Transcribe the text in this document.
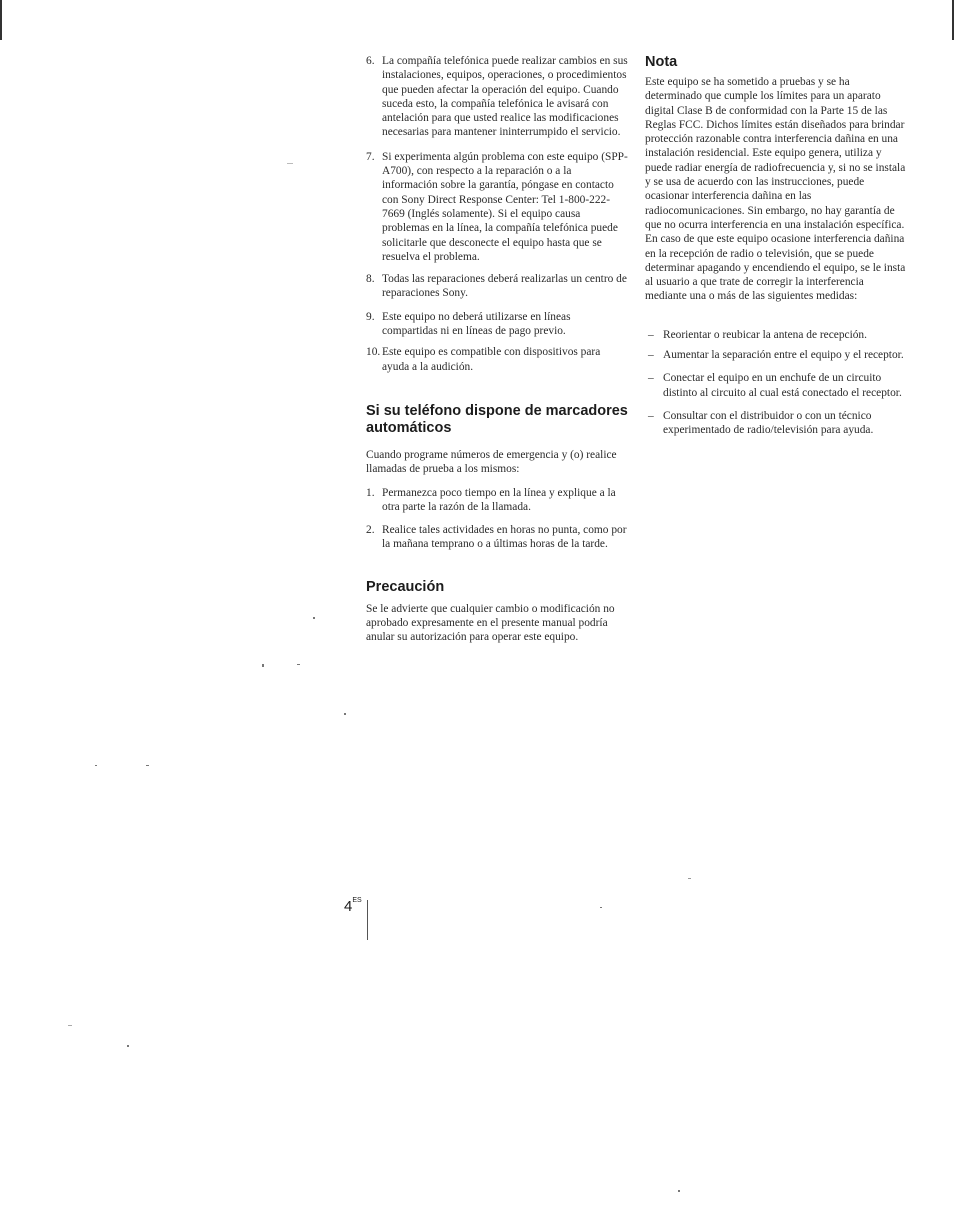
6. La compañía telefónica puede realizar cambios en sus instalaciones, equipos, operaciones, o procedimientos que pueden afectar la operación del equipo. Cuando suceda esto, la compañía telefónica le avisará con antelación para que usted realice las modificaciones necesarias para mantener ininterrumpido el servicio.
7. Si experimenta algún problema con este equipo (SPP-A700), con respecto a la reparación o a la información sobre la garantía, póngase en contacto con Sony Direct Response Center: Tel 1-800-222-7669 (Inglés solamente). Si el equipo causa problemas en la línea, la compañía telefónica puede solicitarle que desconecte el equipo hasta que se resuelva el problema.
8. Todas las reparaciones deberá realizarlas un centro de reparaciones Sony.
9. Este equipo no deberá utilizarse en líneas compartidas ni en líneas de pago previo.
10. Este equipo es compatible con dispositivos para ayuda a la audición.
Si su teléfono dispone de marcadores automáticos

Cuando programe números de emergencia y (o) realice llamadas de prueba a los mismos:

1. Permanezca poco tiempo en la línea y explique a la otra parte la razón de la llamada.
2. Realice tales actividades en horas no punta, como por la mañana temprano o a últimas horas de la tarde.
Precaución

Se le advierte que cualquier cambio o modificación no aprobado expresamente en el presente manual podría anular su autorización para operar este equipo.

Nota

Este equipo se ha sometido a pruebas y se ha determinado que cumple los límites para un aparato digital Clase B de conformidad con la Parte 15 de las Reglas FCC. Dichos límites están diseñados para brindar protección razonable contra interferencia dañina en una instalación residencial. Este equipo genera, utiliza y puede radiar energía de radiofrecuencia y, si no se instala y se usa de acuerdo con las instrucciones, puede ocasionar interferencia dañina en las radiocomunicaciones. Sin embargo, no hay garantía de que no ocurra interferencia en una instalación específica. En caso de que este equipo ocasione interferencia dañina en la recepción de radio o televisión, que se puede determinar apagando y encendiendo el equipo, se le insta al usuario a que trate de corregir la interferencia mediante una o más de las siguientes medidas:

– Reorientar o reubicar la antena de recepción.
– Aumentar la separación entre el equipo y el receptor.
– Conectar el equipo en un enchufe de un circuito distinto al circuito al cual está conectado el receptor.
– Consultar con el distribuidor o con un técnico experimentado de radio/televisión para ayuda.
$4^{ES}$
